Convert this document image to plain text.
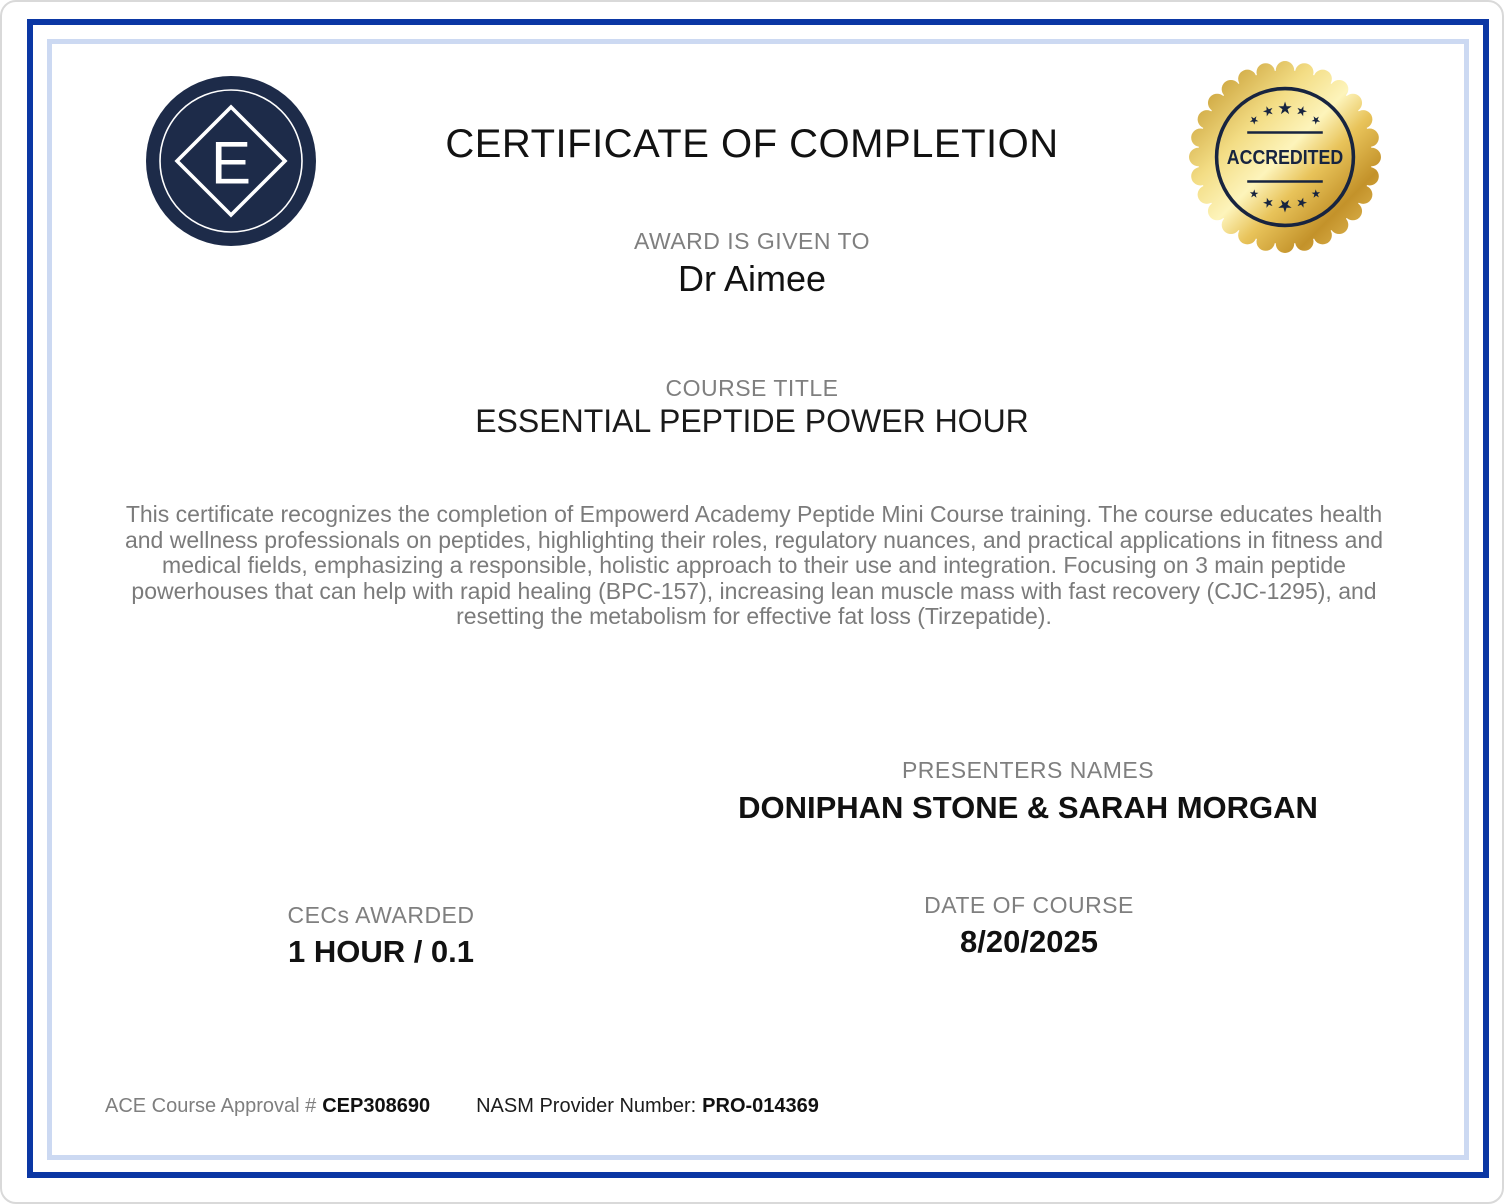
E
★
★
★
★
★
★
★
★
★
★
ACCREDITED
CERTIFICATE OF COMPLETION
AWARD IS GIVEN TO
Dr Aimee
COURSE TITLE
ESSENTIAL PEPTIDE POWER HOUR
This certificate recognizes the completion of Empowerd Academy Peptide Mini Course training. The course educates health and wellness professionals on peptides, highlighting their roles, regulatory nuances, and practical applications in fitness and medical fields, emphasizing a responsible, holistic approach to their use and integration. Focusing on 3 main peptide powerhouses that can help with rapid healing (BPC-157), increasing lean muscle mass with fast recovery (CJC-1295), and resetting the metabolism for effective fat loss (Tirzepatide).
PRESENTERS NAMES
DONIPHAN STONE & SARAH MORGAN
CECs AWARDED
1 HOUR / 0.1
DATE OF COURSE
8/20/2025
ACE Course Approval # CEP308690 NASM Provider Number: PRO-014369
